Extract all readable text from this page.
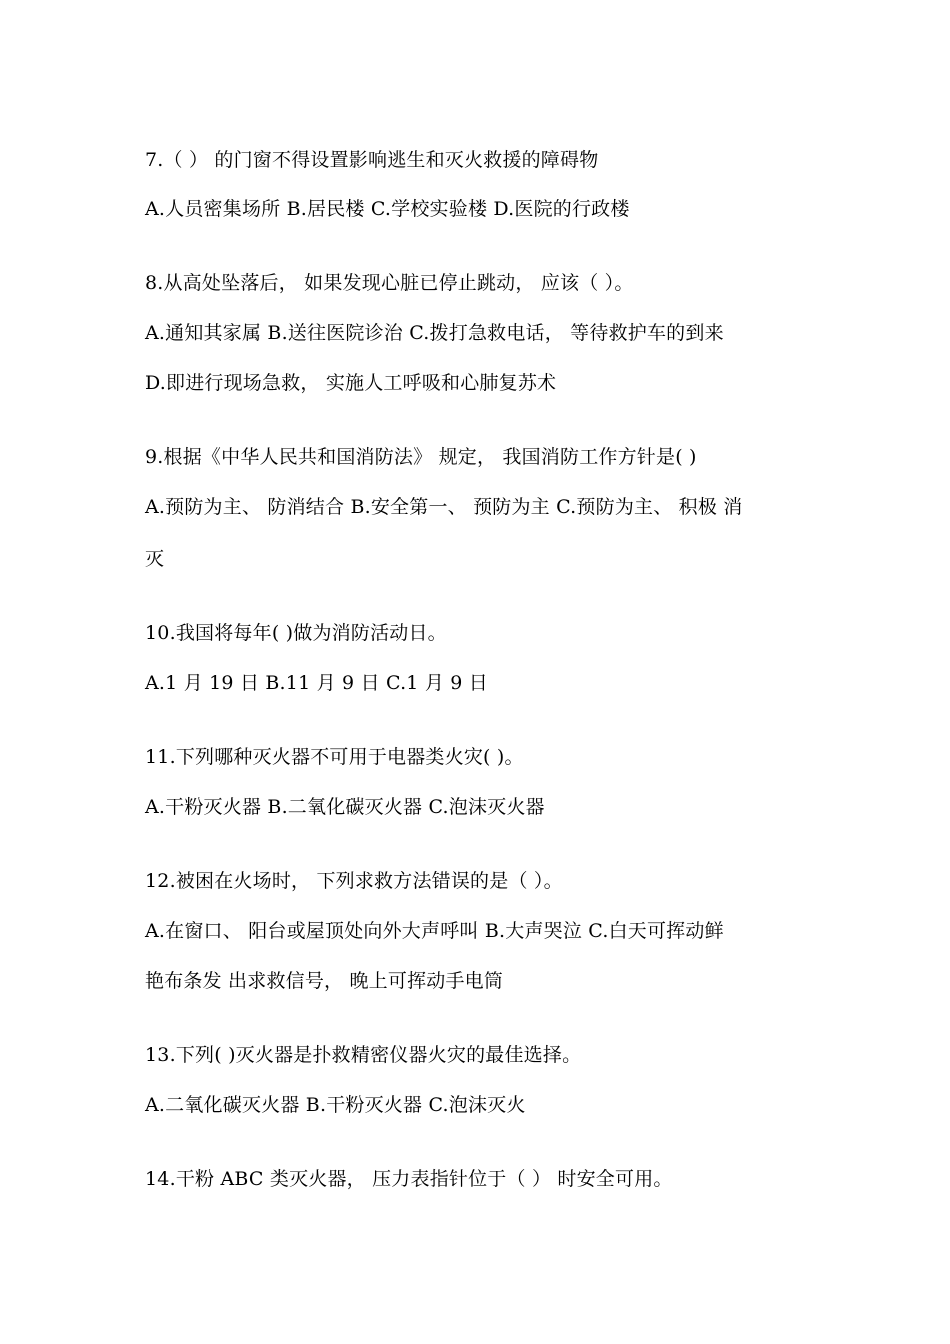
7.（ ） 的门窗不得设置影响逃生和灭火救援的障碍物
A.人员密集场所 B.居民楼 C.学校实验楼 D.医院的行政楼
8.从高处坠落后， 如果发现心脏已停止跳动， 应该（ ）。
A.通知其家属 B.送往医院诊治 C.拨打急救电话， 等待救护车的到来
D.即进行现场急救， 实施人工呼吸和心肺复苏术
9.根据《中华人民共和国消防法》 规定， 我国消防工作方针是( )
A.预防为主、 防消结合 B.安全第一、 预防为主 C.预防为主、 积极 消
灭
10.我国将每年( )做为消防活动日。
A.1 月 19 日 B.11 月 9 日 C.1 月 9 日
11.下列哪种灭火器不可用于电器类火灾( )。
A.干粉灭火器 B.二氧化碳灭火器 C.泡沫灭火器
12.被困在火场时， 下列求救方法错误的是（ ）。
A.在窗口、 阳台或屋顶处向外大声呼叫 B.大声哭泣 C.白天可挥动鲜
艳布条发 出求救信号， 晚上可挥动手电筒
13.下列( )灭火器是扑救精密仪器火灾的最佳选择。
A.二氧化碳灭火器 B.干粉灭火器 C.泡沫灭火
14.干粉 ABC 类灭火器， 压力表指针位于（ ） 时安全可用。
